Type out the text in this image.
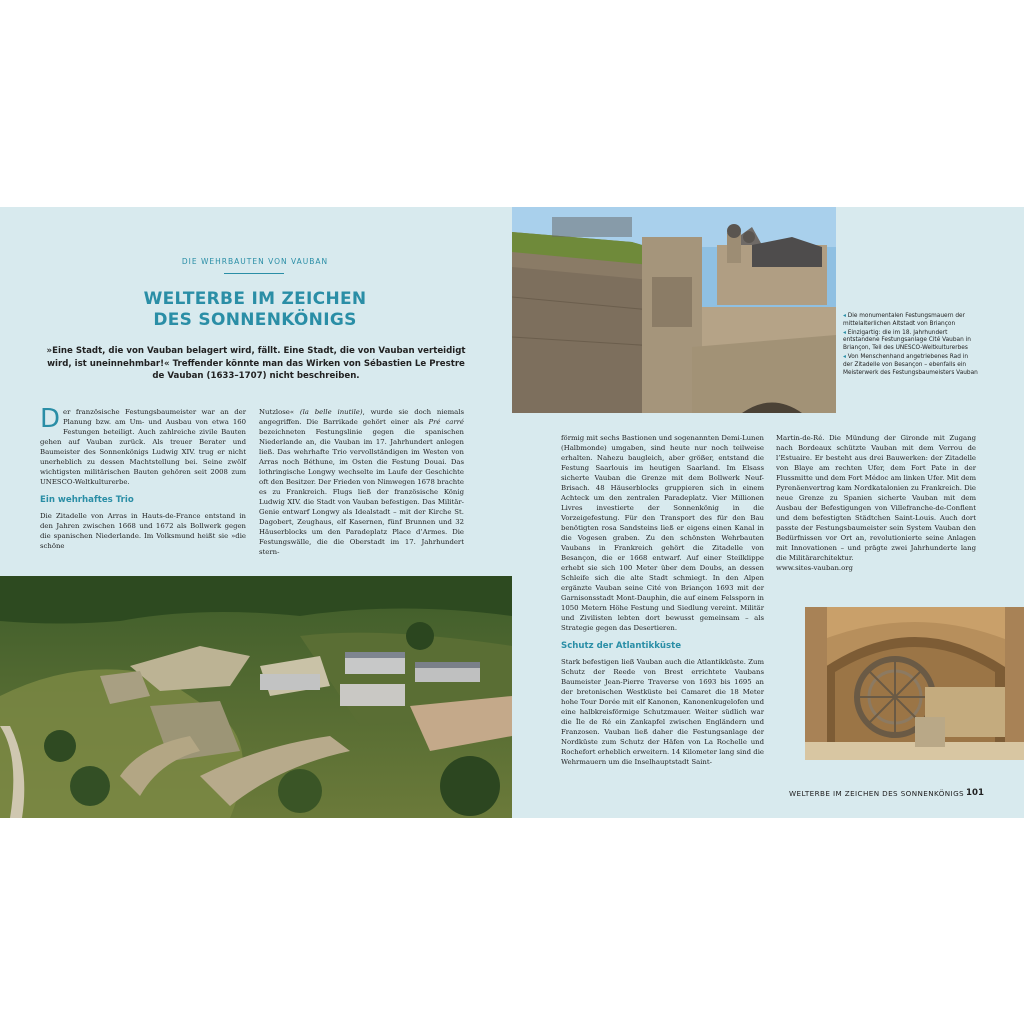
DIE WEHRBAUTEN VON VAUBAN
WELTERBE IM ZEICHEN
DES SONNENKÖNIGS
»Eine Stadt, die von Vauban belagert wird, fällt. Eine Stadt, die von Vauban verteidigt wird, ist uneinnehmbar!« Treffender könnte man das Wirken von Sébastien Le Prestre de Vauban (1633–1707) nicht beschreiben.

Der französische Festungsbaumeister war an der Planung bzw. am Um- und Ausbau von etwa 160 Festungen beteiligt. Auch zahlreiche zivile Bauten gehen auf Vauban zurück. Als treuer Berater und Baumeister des Sonnenkönigs Ludwig XIV. trug er nicht unerheblich zu dessen Machtstellung bei. Seine zwölf wichtigsten militärischen Bauten gehören seit 2008 zum UNESCO-Weltkulturerbe.

Ein wehrhaftes Trio

Die Zitadelle von Arras in Hauts-de-France entstand in den Jahren zwischen 1668 und 1672 als Bollwerk gegen die spanischen Niederlande. Im Volksmund heißt sie »die schöne

Nutzlose« (la belle inutile), wurde sie doch niemals angegriffen. Die Barrikade gehört einer als Pré carré bezeichneten Festungslinie gegen die spanischen Niederlande an, die Vauban im 17. Jahrhundert anlegen ließ. Das wehrhafte Trio vervollständigen im Westen von Arras noch Béthune, im Osten die Festung Douai. Das lothringische Longwy wechselte im Laufe der Geschichte oft den Besitzer. Der Frieden von Nimwegen 1678 brachte es zu Frankreich. Flugs ließ der französische König Ludwig XIV. die Stadt von Vauban befestigen. Das Militär-Genie entwarf Longwy als Idealstadt – mit der Kirche St. Dagobert, Zeughaus, elf Kasernen, fünf Brunnen und 32 Häuserblocks um den Paradeplatz Place d’Armes. Die Festungswälle, die die Oberstadt im 17. Jahrhundert stern-

◂ Die monumentalen Festungsmauern der mittelalterlichen Altstadt von Briançon

◂ Einzigartig: die im 18. Jahrhundert entstandene Festungsanlage Cité Vauban in Briançon, Teil des UNESCO-Weltkulturerbes

◂ Von Menschenhand angetriebenes Rad in der Zitadelle von Besançon – ebenfalls ein Meisterwerk des Festungsbaumeisters Vauban

förmig mit sechs Bastionen und sogenannten Demi-Lunen (Halbmonde) umgaben, sind heute nur noch teilweise erhalten. Nahezu baugleich, aber größer, entstand die Festung Saarlouis im heutigen Saarland. Im Elsass sicherte Vauban die Grenze mit dem Bollwerk Neuf-Brisach. 48 Häuserblocks gruppieren sich in einem Achteck um den zentralen Paradeplatz. Vier Millionen Livres investierte der Sonnenkönig in die Vorzeigefestung. Für den Transport des für den Bau benötigten rosa Sandsteins ließ er eigens einen Kanal in die Vogesen graben. Zu den schönsten Wehrbauten Vaubans in Frankreich gehört die Zitadelle von Besançon, die er 1668 entwarf. Auf einer Steilklippe erhebt sie sich 100 Meter über dem Doubs, an dessen Schleife sich die alte Stadt schmiegt. In den Alpen ergänzte Vauban seine Cité von Briançon 1693 mit der Garnisonsstadt Mont-Dauphin, die auf einem Felssporn in 1050 Metern Höhe Festung und Siedlung vereint. Militär und Zivilisten lebten dort bewusst gemeinsam – als Strategie gegen das Desertieren.

Schutz der Atlantikküste

Stark befestigen ließ Vauban auch die Atlantikküste. Zum Schutz der Reede von Brest errichtete Vaubans Baumeister Jean-Pierre Traverse von 1693 bis 1695 an der bretonischen Westküste bei Camaret die 18 Meter hohe Tour Dorée mit elf Kanonen, Kanonenkugelofen und eine halbkreisförmige Schutzmauer. Weiter südlich war die Île de Ré ein Zankapfel zwischen Engländern und Franzosen. Vauban ließ daher die Festungsanlage der Nordküste zum Schutz der Häfen von La Rochelle und Rochefort erheblich erweitern. 14 Kilometer lang sind die Wehrmauern um die Inselhauptstadt Saint-

Martin-de-Ré. Die Mündung der Gironde mit Zugang nach Bordeaux schützte Vauban mit dem Verrou de l’Estuaire. Er besteht aus drei Bauwerken: der Zitadelle von Blaye am rechten Ufer, dem Fort Pate in der Flussmitte und dem Fort Médoc am linken Ufer. Mit dem Pyrenäenvertrag kam Nordkatalonien zu Frankreich. Die neue Grenze zu Spanien sicherte Vauban mit dem Ausbau der Befestigungen von Villefranche-de-Conflent und dem befestigten Städtchen Saint-Louis. Auch dort passte der Festungsbaumeister sein System Vauban den Bedürfnissen vor Ort an, revolutionierte seine Anlagen mit Innovationen – und prägte zwei Jahrhunderte lang die Militärarchitektur.

www.sites-vauban.org

WELTERBE IM ZEICHEN DES SONNENKÖNIGS 101
